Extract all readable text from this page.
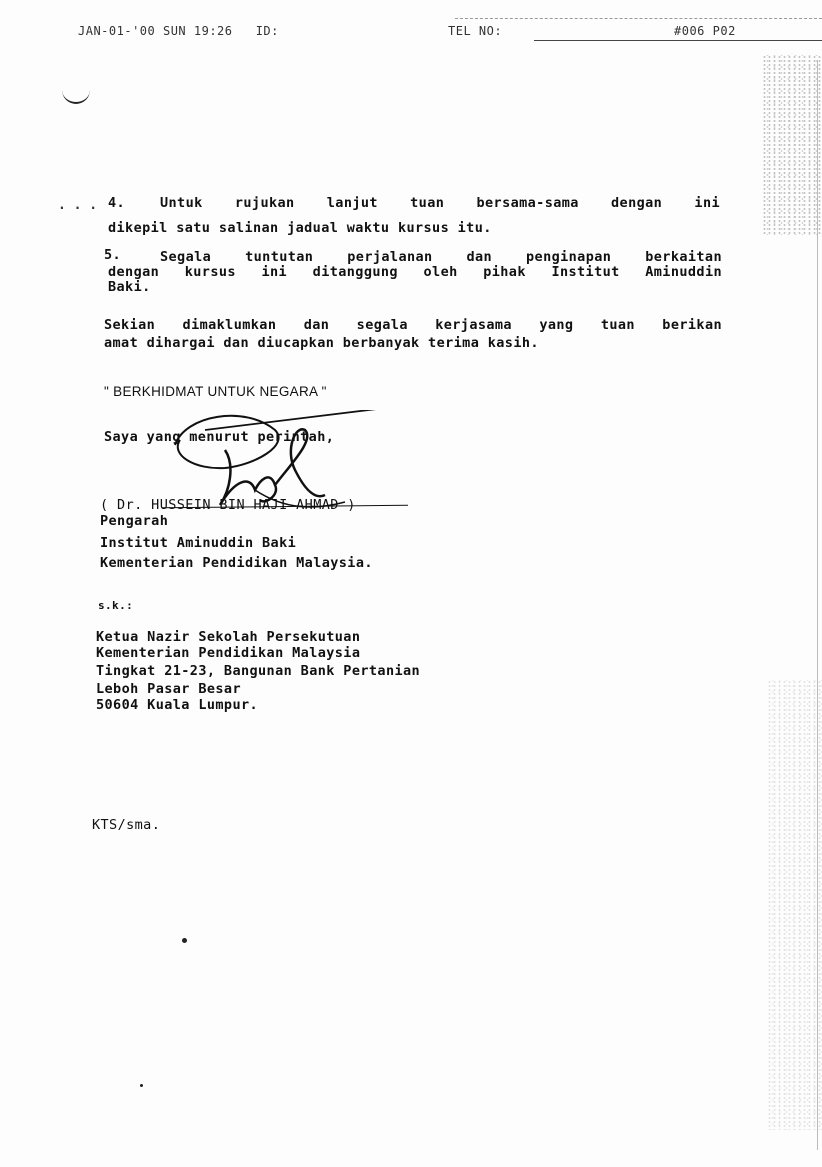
JAN-01-'00 SUN 19:26 ID:	TEL NO:	#006 P02
. . . 4.	Untuk rujukan lanjut tuan bersama-sama dengan ini
dikepil satu salinan jadual waktu kursus itu.
5.	Segala tuntutan perjalanan dan penginapan berkaitan
dengan kursus ini ditanggung oleh pihak Institut Aminuddin
Baki.
Sekian dimaklumkan dan segala kerjasama yang tuan berikan
amat dihargai dan diucapkan berbanyak terima kasih.
" BERKHIDMAT UNTUK NEGARA "
Saya yang menurut perintah,
( Dr. HUSSEIN BIN HAJI AHMAD )
Pengarah
Institut Aminuddin Baki
Kementerian Pendidikan Malaysia.
s.k.:
Ketua Nazir Sekolah Persekutuan
Kementerian Pendidikan Malaysia
Tingkat 21-23, Bangunan Bank Pertanian
Leboh Pasar Besar
50604 Kuala Lumpur.
KTS/sma.
